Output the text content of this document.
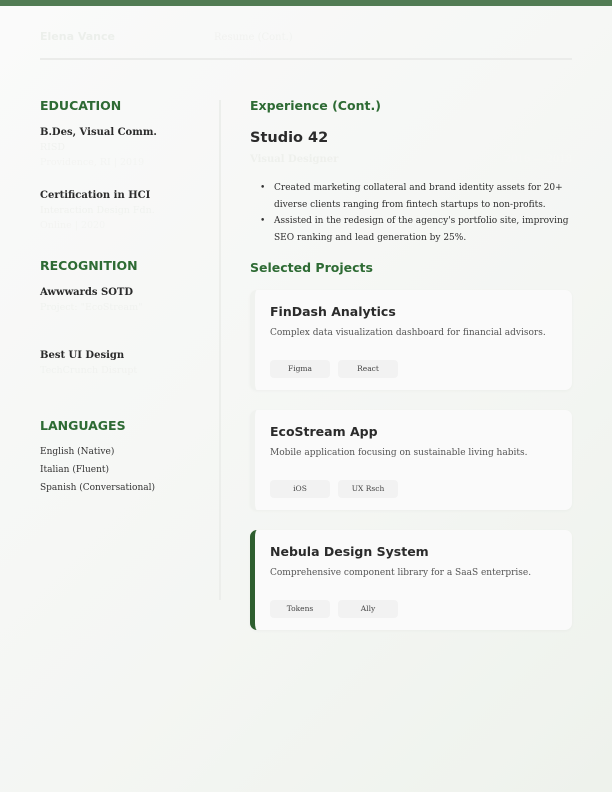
Elena Vance	Resume (Cont.)
EDUCATION
B.Des, Visual Comm.
RISD
Providence, RI | 2019
Certification in HCI
Interaction Design Fdn.
Online | 2020
RECOGNITION
Awwwards SOTD
Project: "EcoStream"
Best UI Design
TechCrunch Disrupt
LANGUAGES
English (Native)
Italian (Fluent)
Spanish (Conversational)
Experience (Cont.)
Studio 42
Visual Designer	2016 — 2018
• Created marketing collateral and brand identity assets for 20+ diverse clients ranging from fintech startups to non-profits.
• Assisted in the redesign of the agency's portfolio site, improving SEO ranking and lead generation by 25%.
Selected Projects
FinDash Analytics
Complex data visualization dashboard for financial advisors.
Figma	React
EcoStream App
Mobile application focusing on sustainable living habits.
iOS	UX Rsch
Nebula Design System
Comprehensive component library for a SaaS enterprise.
Tokens	Ally
